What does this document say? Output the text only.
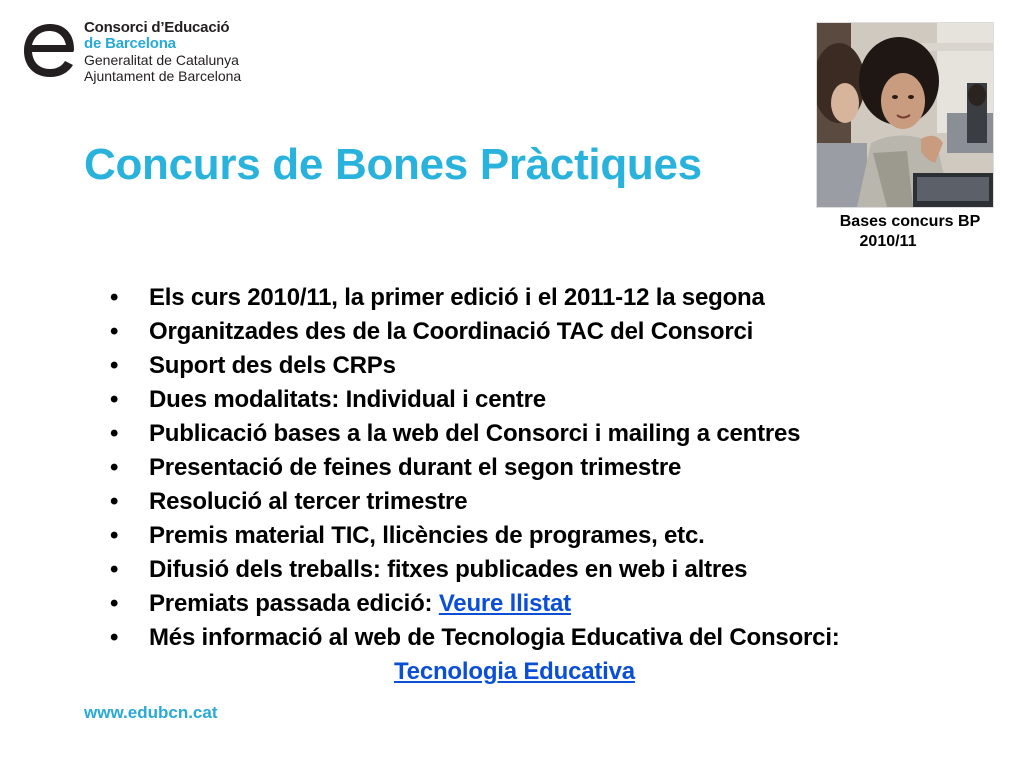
Consorci d’Educació
de Barcelona
Generalitat de Catalunya
Ajuntament de Barcelona
Concurs de Bones Pràctiques
Bases concurs BP
2010/11
• Els curs 2010/11, la primer edició i el 2011-12 la segona
• Organitzades des de la Coordinació TAC del Consorci
• Suport des dels CRPs
• Dues modalitats: Individual i centre
• Publicació bases a la web del Consorci i mailing a centres
• Presentació de feines durant el segon trimestre
• Resolució al tercer trimestre
• Premis material TIC, llicències de programes, etc.
• Difusió dels treballs: fitxes publicades en web i altres
• Premiats passada edició: Veure llistat
• Més informació al web de Tecnologia Educativa del Consorci:
Tecnologia Educativa
www.edubcn.cat
